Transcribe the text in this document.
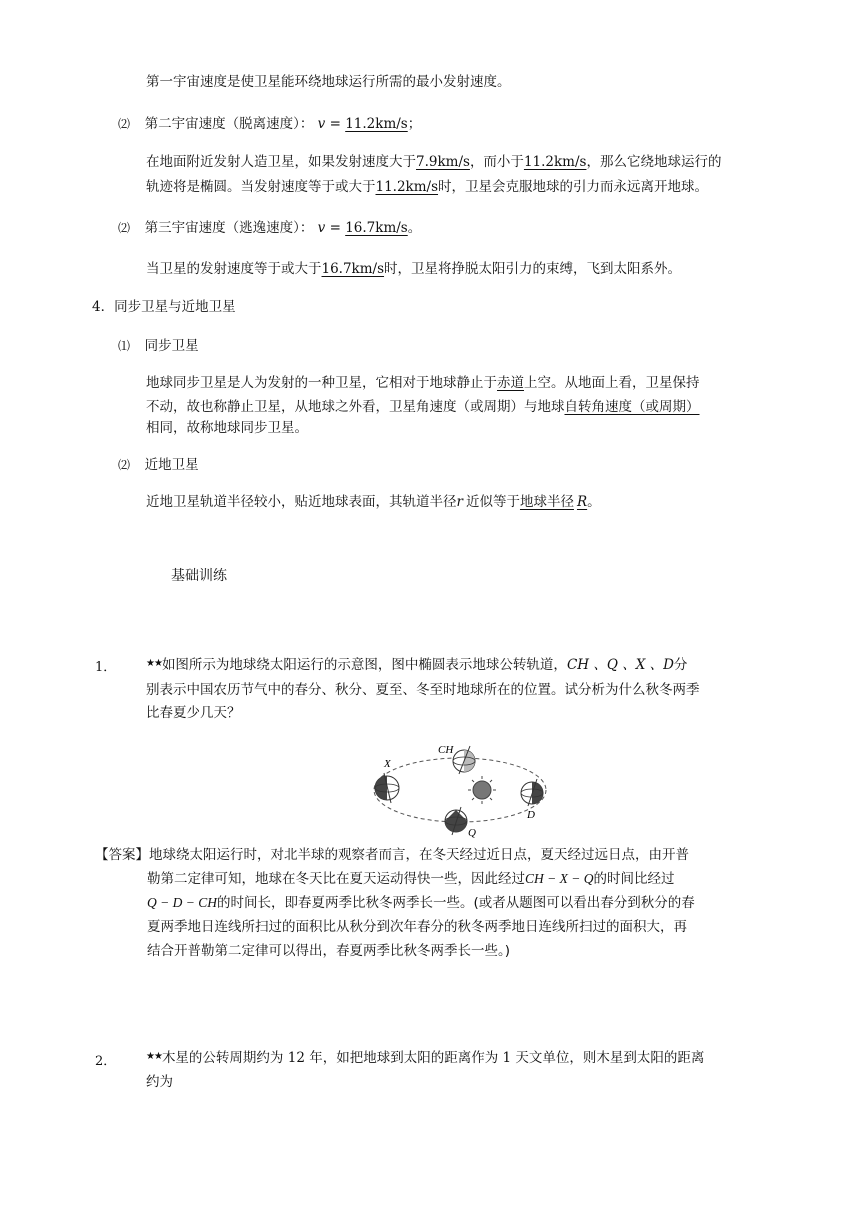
第一宇宙速度是使卫星能环绕地球运行所需的最小发射速度。
⑵ 第二宇宙速度（脱离速度）： v = 11.2km/s；
在地面附近发射人造卫星，如果发射速度大于7.9km/s，而小于11.2km/s，那么它绕地球运行的
轨迹将是椭圆。当发射速度等于或大于11.2km/s时，卫星会克服地球的引力而永远离开地球。
⑵ 第三宇宙速度（逃逸速度）： v = 16.7km/s。
当卫星的发射速度等于或大于16.7km/s时，卫星将挣脱太阳引力的束缚，飞到太阳系外。
4．同步卫星与近地卫星
⑴ 同步卫星
地球同步卫星是人为发射的一种卫星，它相对于地球静止于赤道上空。从地面上看，卫星保持
不动，故也称静止卫星，从地球之外看，卫星角速度（或周期）与地球自转角速度（或周期）
相同，故称地球同步卫星。
⑵ 近地卫星
近地卫星轨道半径较小，贴近地球表面，其轨道半径r 近似等于地球半径 R。
基础训练
1．	★★如图所示为地球绕太阳运行的示意图，图中椭圆表示地球公转轨道，CH 、Q 、X 、D分
别表示中国农历节气中的春分、秋分、夏至、冬至时地球所在的位置。试分析为什么秋冬两季
比春夏少几天？
X
CH
D
Q
【答案】地球绕太阳运行时，对北半球的观察者而言，在冬天经过近日点，夏天经过远日点，由开普
勒第二定律可知，地球在冬天比在夏天运动得快一些，因此经过CH − X − Q的时间比经过
Q − D − CH的时间长，即春夏两季比秋冬两季长一些。(或者从题图可以看出春分到秋分的春
夏两季地日连线所扫过的面积比从秋分到次年春分的秋冬两季地日连线所扫过的面积大，再
结合开普勒第二定律可以得出，春夏两季比秋冬两季长一些。)
2．	★★木星的公转周期约为 12 年，如把地球到太阳的距离作为 1 天文单位，则木星到太阳的距离
约为
